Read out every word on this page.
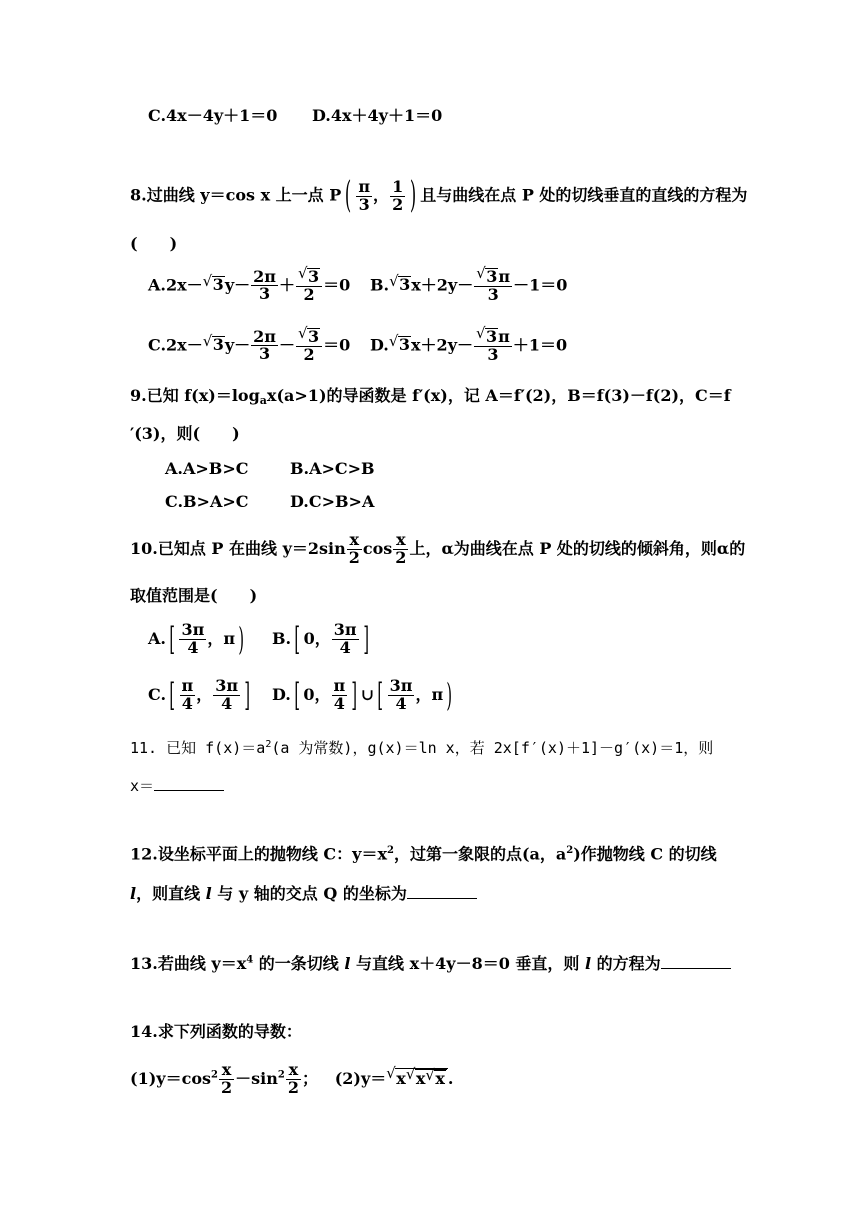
C.4x－4y＋1＝0 D.4x＋4y＋1＝0
8.过曲线 y＝cos x 上一点 P ( $\frac{\pi}{3}$ ， $\frac{1}{2}$ ) 且与曲线在点 P 处的切线垂直的直线的方程为
(　　)
A.2x－ √ $3y- \frac{2\pi}{3} + \frac{√ 3}{2} =0$ B. √ $3x+2y- \frac{√ 3\pi}{3} -1=0$
C.2x－ √ $3y- \frac{2\pi}{3} - \frac{√ 3}{2} =0$ D. √ $3x+2y- \frac{√ 3\pi}{3} +1=0$
9.已知 f(x)＝logax(a>1)的导函数是 f′(x)，记 A＝f′(2)，B＝f(3)－f(2)，C＝f
′(3)，则(　　)
A.A>B>C	B.A>C>B
C.B>A>C	D.C>B>A
10.已知点 P 在曲线 $y=2\sin \frac{x}{2}$ $\cos \frac{x}{2}$ 上，α为曲线在点 P 处的切线的倾斜角，则α的
取值范围是(　　)
A. [ $\frac{3\pi}{4}$ ，π ) B. [ 0， $\frac{3\pi}{4}$ ]
C. [ $\frac{\pi}{4}$ ， $\frac{3\pi}{4}$ ] D. [ 0， $\frac{\pi}{4}$ ] ∪ [ $\frac{3\pi}{4}$ ，π )
11. 已知 $f(x)=a^2(a$ 为常数)，g(x)＝ln x，若 2x[f′(x)＋1]－g′(x)＝1，则
x＝
12.设坐标平面上的抛物线 C：$y=x^2$，过第一象限的点(a，$a^2$)作抛物线 C 的切线
l，则直线 l 与 y 轴的交点 Q 的坐标为
13.若曲线 $y=x^4$ 的一条切线 l 与直线 x＋4y－8＝0 垂直，则 l 的方程为
14.求下列函数的导数：
$(1)y=\cos^2 \frac{x}{2} -\sin^2 \frac{x}{2}$ ； (2)y＝ √ x √ x √ x .
